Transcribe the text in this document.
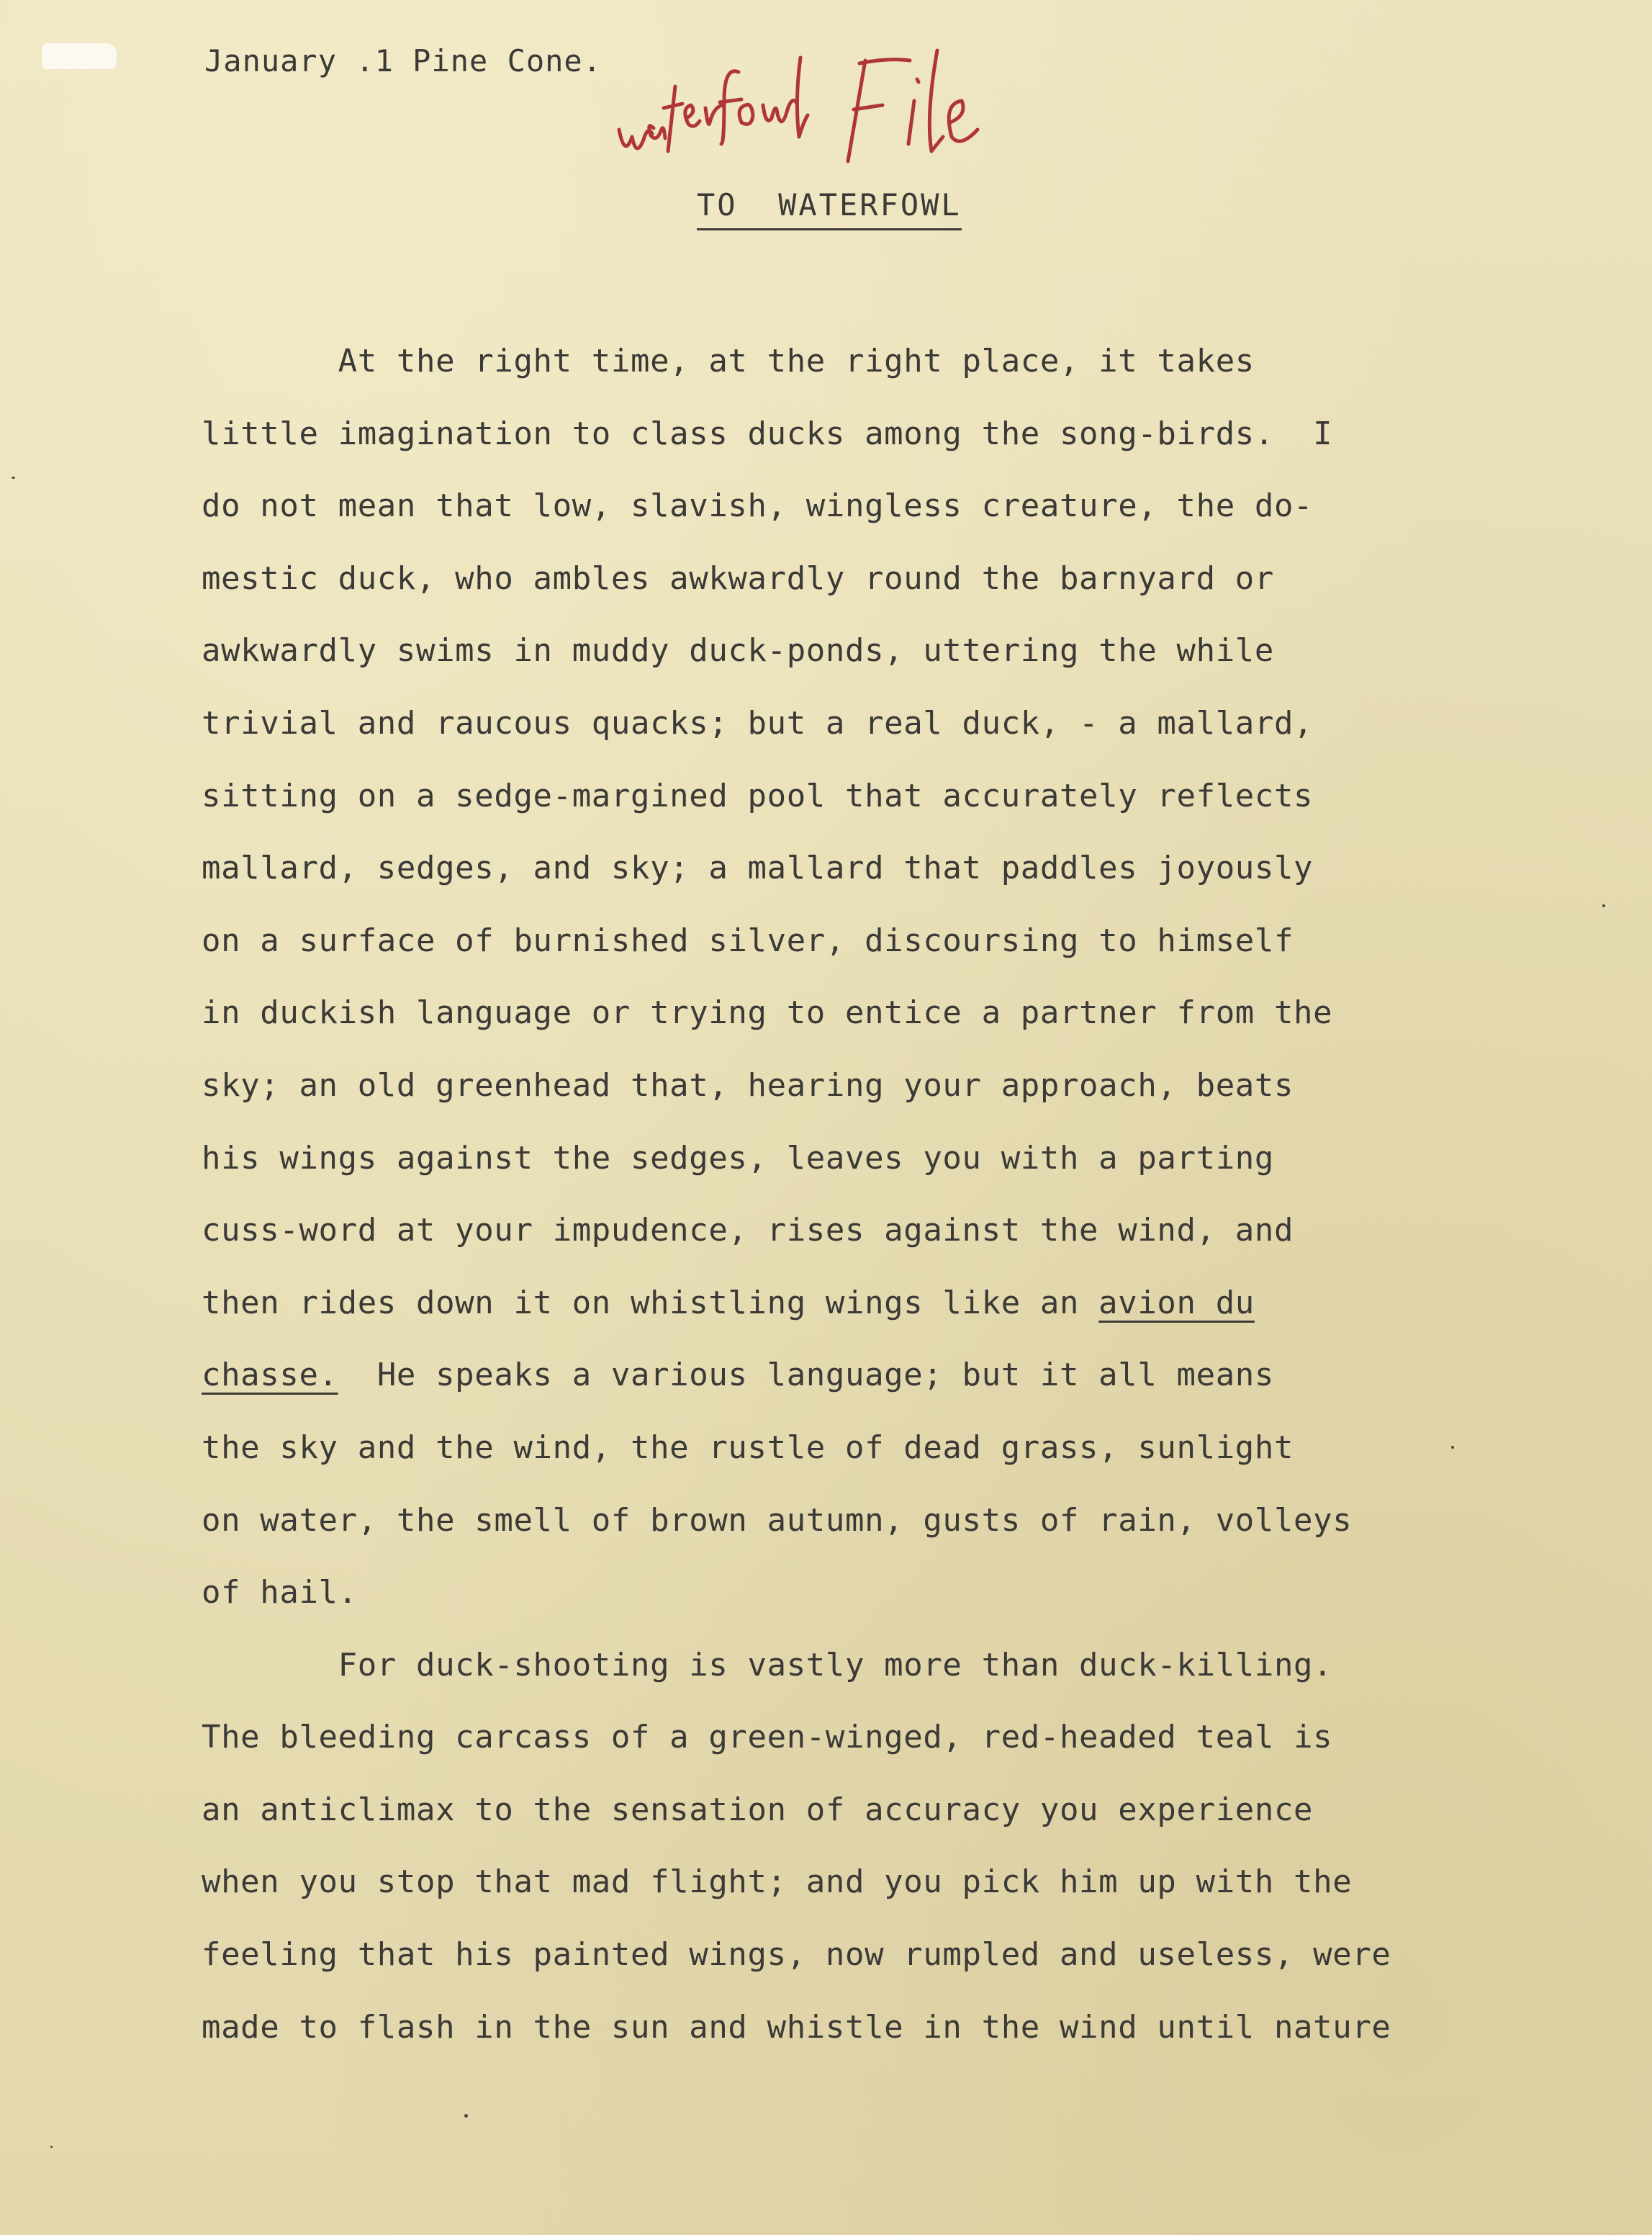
January .1 Pine Cone.
TO  WATERFOWL
At the right time, at the right place, it takes
little imagination to class ducks among the song-birds.  I
do not mean that low, slavish, wingless creature, the do-
mestic duck, who ambles awkwardly round the barnyard or
awkwardly swims in muddy duck-ponds, uttering the while
trivial and raucous quacks; but a real duck, - a mallard,
sitting on a sedge-margined pool that accurately reflects
mallard, sedges, and sky; a mallard that paddles joyously
on a surface of burnished silver, discoursing to himself
in duckish language or trying to entice a partner from the
sky; an old greenhead that, hearing your approach, beats
his wings against the sedges, leaves you with a parting
cuss-word at your impudence, rises against the wind, and
then rides down it on whistling wings like an avion du
chasse.  He speaks a various language; but it all means
the sky and the wind, the rustle of dead grass, sunlight
on water, the smell of brown autumn, gusts of rain, volleys
of hail.
For duck-shooting is vastly more than duck-killing.
The bleeding carcass of a green-winged, red-headed teal is
an anticlimax to the sensation of accuracy you experience
when you stop that mad flight; and you pick him up with the
feeling that his painted wings, now rumpled and useless, were
made to flash in the sun and whistle in the wind until nature
